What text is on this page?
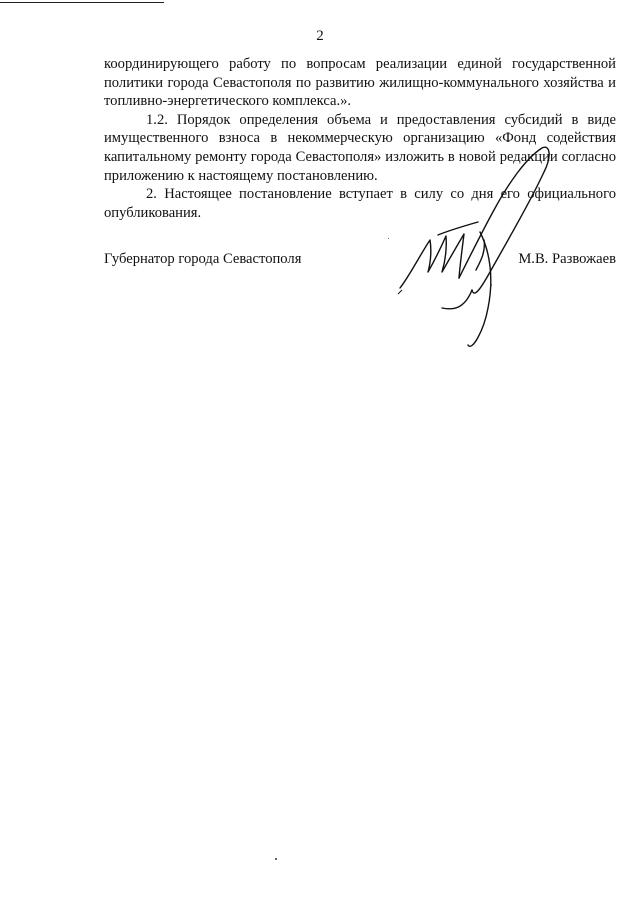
2

координирующего работу по вопросам реализации единой государственной политики города Севастополя по развитию жилищно-коммунального хозяйства и топливно-энергетического комплекса.».

1.2. Порядок определения объема и предоставления субсидий в виде имущественного взноса в некоммерческую организацию «Фонд содействия капитальному ремонту города Севастополя» изложить в новой редакции согласно приложению к настоящему постановлению.

2. Настоящее постановление вступает в силу со дня его официального опубликования.

Губернатор города Севастополя	М.В. Развожаев
